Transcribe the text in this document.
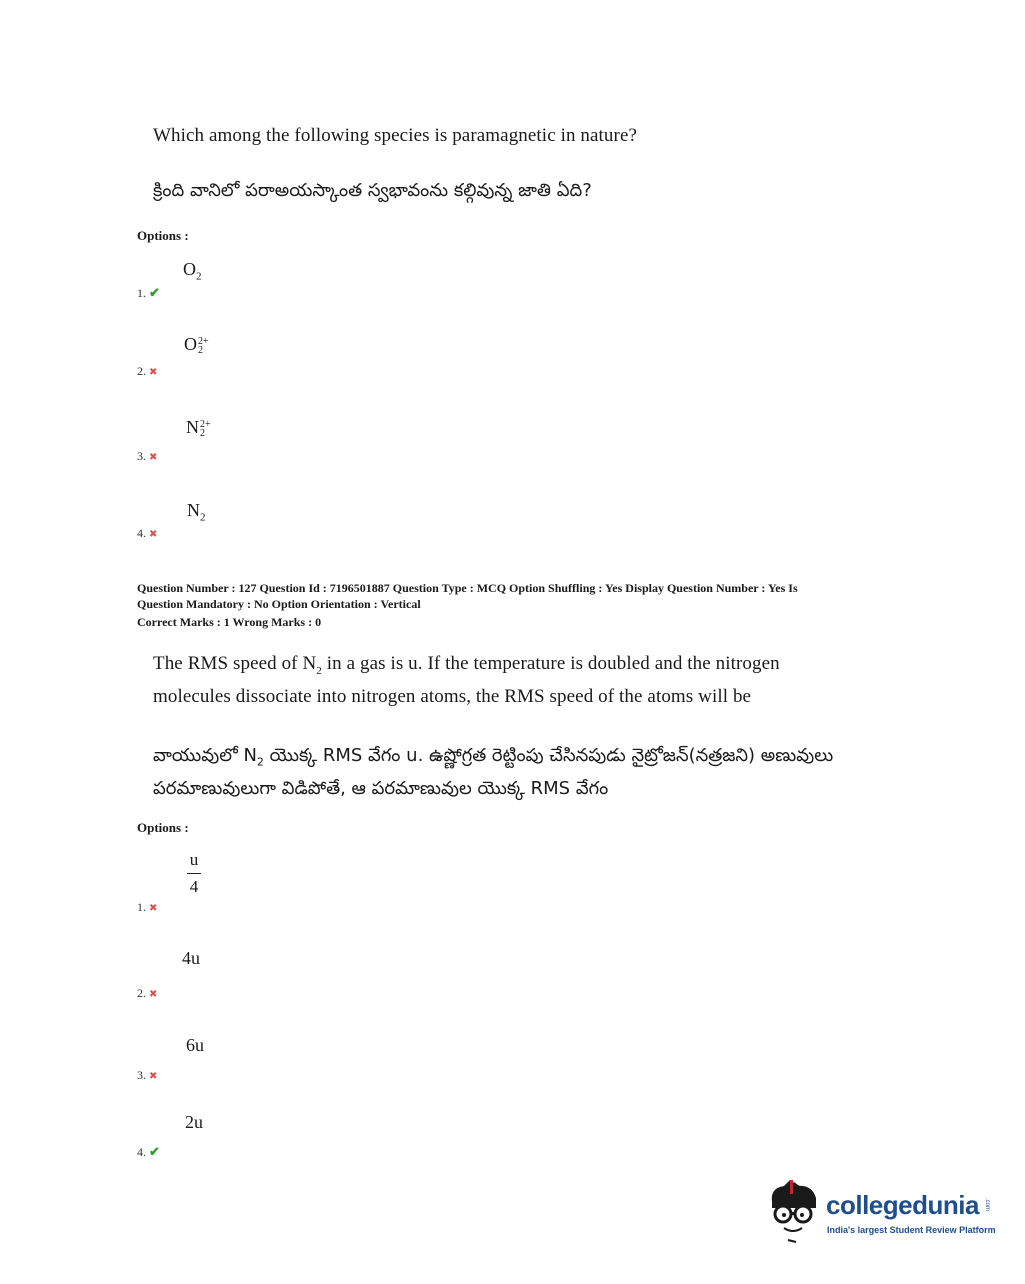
Which among the following species is paramagnetic in nature?
క్రింది వానిలో పరాఅయస్కాంత స్వభావంను కల్గివున్న జాతి ఏది?
Options :
$O_2$
1. ✔
O 2+
2
2. ✖
N 2+
2
3. ✖
$N_2$
4. ✖
Question Number : 127 Question Id : 7196501887 Question Type : MCQ Option Shuffling : Yes Display Question Number : Yes Is
Question Mandatory : No Option Orientation : Vertical
Correct Marks : 1 Wrong Marks : 0
The RMS speed of $N_2$ in a gas is u. If the temperature is doubled and the nitrogen
molecules dissociate into nitrogen atoms, the RMS speed of the atoms will be
వాయువులో $N_2$ యొక్క RMS వేగం u. ఉష్ణోగ్రత రెట్టింపు చేసినపుడు నైట్రోజన్(నత్రజని) అణువులు
పరమాణువులుగా విడిపోతే, ఆ పరమాణువుల యొక్క RMS వేగం
Options :
$\frac{u}{4}$
1. ✖
4u
2. ✖
6u
3. ✖
2u
4. ✔
collegedunia .com
India's largest Student Review Platform
